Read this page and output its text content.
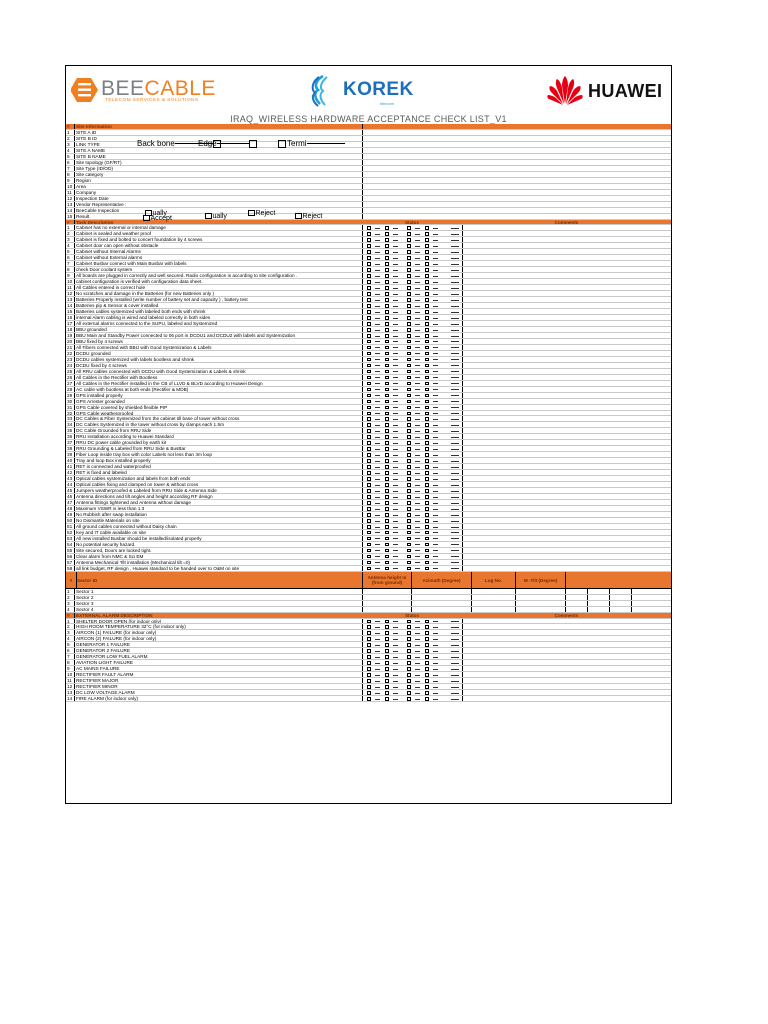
BEECABLE
TELECOM SERVICES & SOLUTIONS
KOREK
telecom
HUAWEI
IRAQ_WIRELESS HARDWARE ACCEPTANCE CHECK LIST_V1
#	Site Information
1	SITE A ID
2	SITE B ID
3	LINK TYPE
4	SITE A NAME
5	SITE B NAME
6	Site topology (GF/RT)
7	Site Type (ID/OD)
8	Site category
9	Region
10 Area
11 Company
12 Inspection Date
13 Vendor Representative :
14 BeeCable Inspection
15 Result
#	Task Description	Status	Comments
1	Cabinet has no external or internal damage
2	Cabinet is sealed and weather proof
3	Cabinet is fixed and bolted to concert foundation by 4 screws
4	Cabinet door can open without obstacle
5	Cabinet without Internal Alarms
6	Cabinet without External alarms
7	Cabinet Busbar connect with Main Busbar with labels
8	check Door coolant system
9	All boards are plugged in correctly and well secured. Radio configuration is according to site configuration .
10 cabinet configuration is verified with configuration data sheet.
11 All Cables entered in correct hole
12 No scratches and damage in the Batteries (for new Batteries only )
13 Batteries Properly installed (write number of battery set and capacity ) , battery test
14 Batteries pip & Sensor & cover installed
15 Batteries cables systemized with labeled both ends with shrink
16 internal Alarm cabling is wired and labeled correctly in both sides
17 All external alarms connected to the SUPU, labeled and Systemized
18 BBU grounded
19 BBU Main and Standby Power connected to 06 port in DCDU1 and DCDU2 with labels and Systemization
20 BBU fixed by 4 screws
21 All Fibers connected with BBU with Good Systemization & Labels
22 DCDU grounded
23 DCDU cables systemized with labels bootless and shrink
24 DCDU fixed by 4 screws
25 All RRU cables connected with DCDU with Good Systemization & Labels & shrink
26 All Cables in the Rectifier with Bootless
27 All Cables in the Rectifier installed in the CB of LLVD & BLVD according to Huawei Design
28 AC cable with bootless at both ends (Rectifier & MDB)
29 GPS installed properly
30 GPS Arrester grounded
31 GPS Cable covered by shielded flexible PIP
32 GPS Cable weatherproofed
33 DC Cables & Fiber Systemized from the cabinet till base of tower without cross
34 DC Cables Systemized in the tower without cross by clamps each 1.5m
35 DC Cable Grounded from RRU Side
36 RRU installation according to Huawei Standard
37 RRU DC power cable grounded by earth kit
38 RRU Grounding & Labeled from RRU Side & BusBar
39 Fiber Loop inside tray box with color Labels not less than 3m loop
40 Tray and loop Box installed properly
41 RET is connected and waterproofed
42 RET is fixed and labeled
43 Optical cables systemization and labels from both ends
44 Optical cables fixing and clamped on tower & without cross
45 Jumpers weatherproofed & Labeled from RRU Side & Antenna Side
46 Antenna directions and tilt angles and height according RF design
47 Antenna fittings tightened and Antenna without damage
48 Maximum VSWR is less than 1.3
49 No Rubbish after swap installation
50 No Dismantle Materials on site
51 All ground cables connected without Daisy chain
52 Key and IT cable available on site
53 All new installed Busbar should be installed/isolated properly
54 No potential security hazard.
55 Site secured, Doors are locked tight.
56 Clear alarm from NMC & Sci EM
57 Antenna Mechanical Tilt installation (Mechanical tilt =0)
58 all link budget, RF design , Huawei standard to be handed over to O&M on site
#	Sector ID	Antenna height m (from ground)	Azimuth (Degree)	Log No.	M -Tilt (Degree)
1	Sector 1
2	Sector 2
3	Sector 3
4	Sector 4
#	EXTERNAL ALARM DESCRIPTION	Status	Comments
1	SHELTER DOOR OPEN (for indoor only)
2	HIGH ROOM TEMPERATURE 32°C (for indoor only)
3	AIRCON (1) FAILURE (for indoor only)
4	AIRCON (2) FAILURE (for indoor only)
5	GENERATOR 1 FAILURE
6	GENERATOR 2 FAILURE
7	GENERATOR LOW FUEL ALARM
8	AVIATION LIGHT FAILURE
9	AC MAINS FAILURE
10 RECTIFIER FAULT ALARM
11 RECTIFIER MAJOR
12 RECTIFIER MINOR
13 DC LOW VOLTAGE ALARM
14 FIRE ALARM (for indoor only)
Back bone	Edge	Termi
Accept
ually	ually	Reject	Reject
